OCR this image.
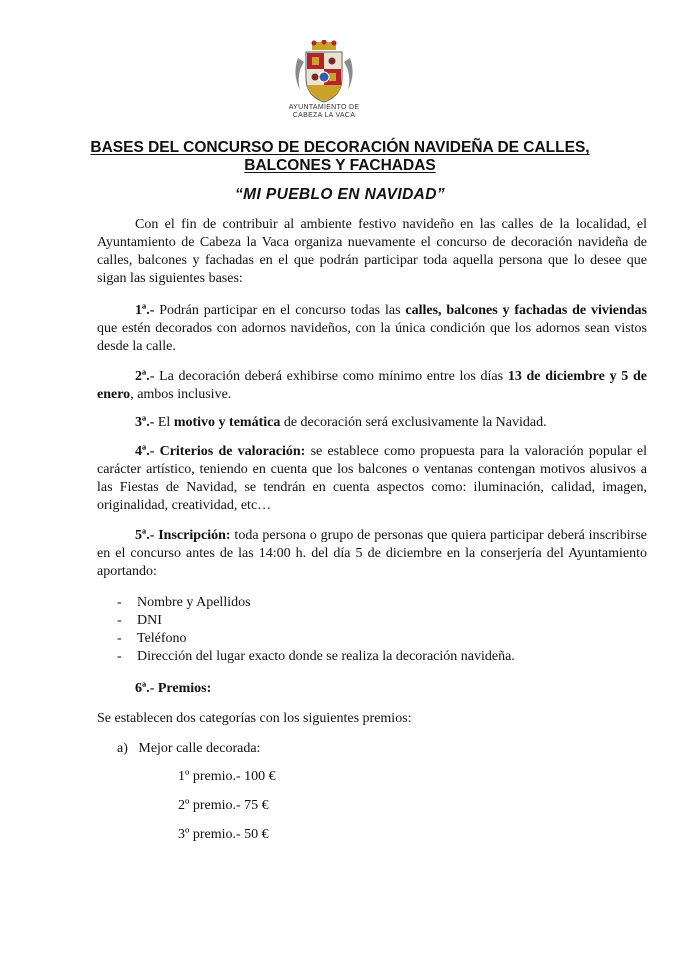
AYUNTAMIENTO DE
CABEZA LA VACA
BASES DEL CONCURSO DE DECORACIÓN NAVIDEÑA DE CALLES,
BALCONES Y FACHADAS
“MI PUEBLO EN NAVIDAD”
Con el fin de contribuir al ambiente festivo navideño en las calles de la localidad, el Ayuntamiento de Cabeza la Vaca organiza nuevamente el concurso de decoración navideña de calles, balcones y fachadas en el que podrán participar toda aquella persona que lo desee que sigan las siguientes bases:
1ª.- Podrán participar en el concurso todas las calles, balcones y fachadas de viviendas que estén decorados con adornos navideños, con la única condición que los adornos sean vistos desde la calle.
2ª.- La decoración deberá exhibirse como mínimo entre los días 13 de diciembre y 5 de enero, ambos inclusive.
3ª.- El motivo y temática de decoración será exclusivamente la Navidad.
4ª.- Criterios de valoración: se establece como propuesta para la valoración popular el carácter artístico, teniendo en cuenta que los balcones o ventanas contengan motivos alusivos a las Fiestas de Navidad, se tendrán en cuenta aspectos como: iluminación, calidad, imagen, originalidad, creatividad, etc…
5ª.- Inscripción: toda persona o grupo de personas que quiera participar deberá inscribirse en el concurso antes de las 14:00 h. del día 5 de diciembre en la conserjería del Ayuntamiento aportando:
- Nombre y Apellidos
- DNI
- Teléfono
- Dirección del lugar exacto donde se realiza la decoración navideña.
6ª.- Premios:
Se establecen dos categorías con los siguientes premios:
a)   Mejor calle decorada:
1º premio.- 100 €
2º premio.- 75 €
3º premio.- 50 €
